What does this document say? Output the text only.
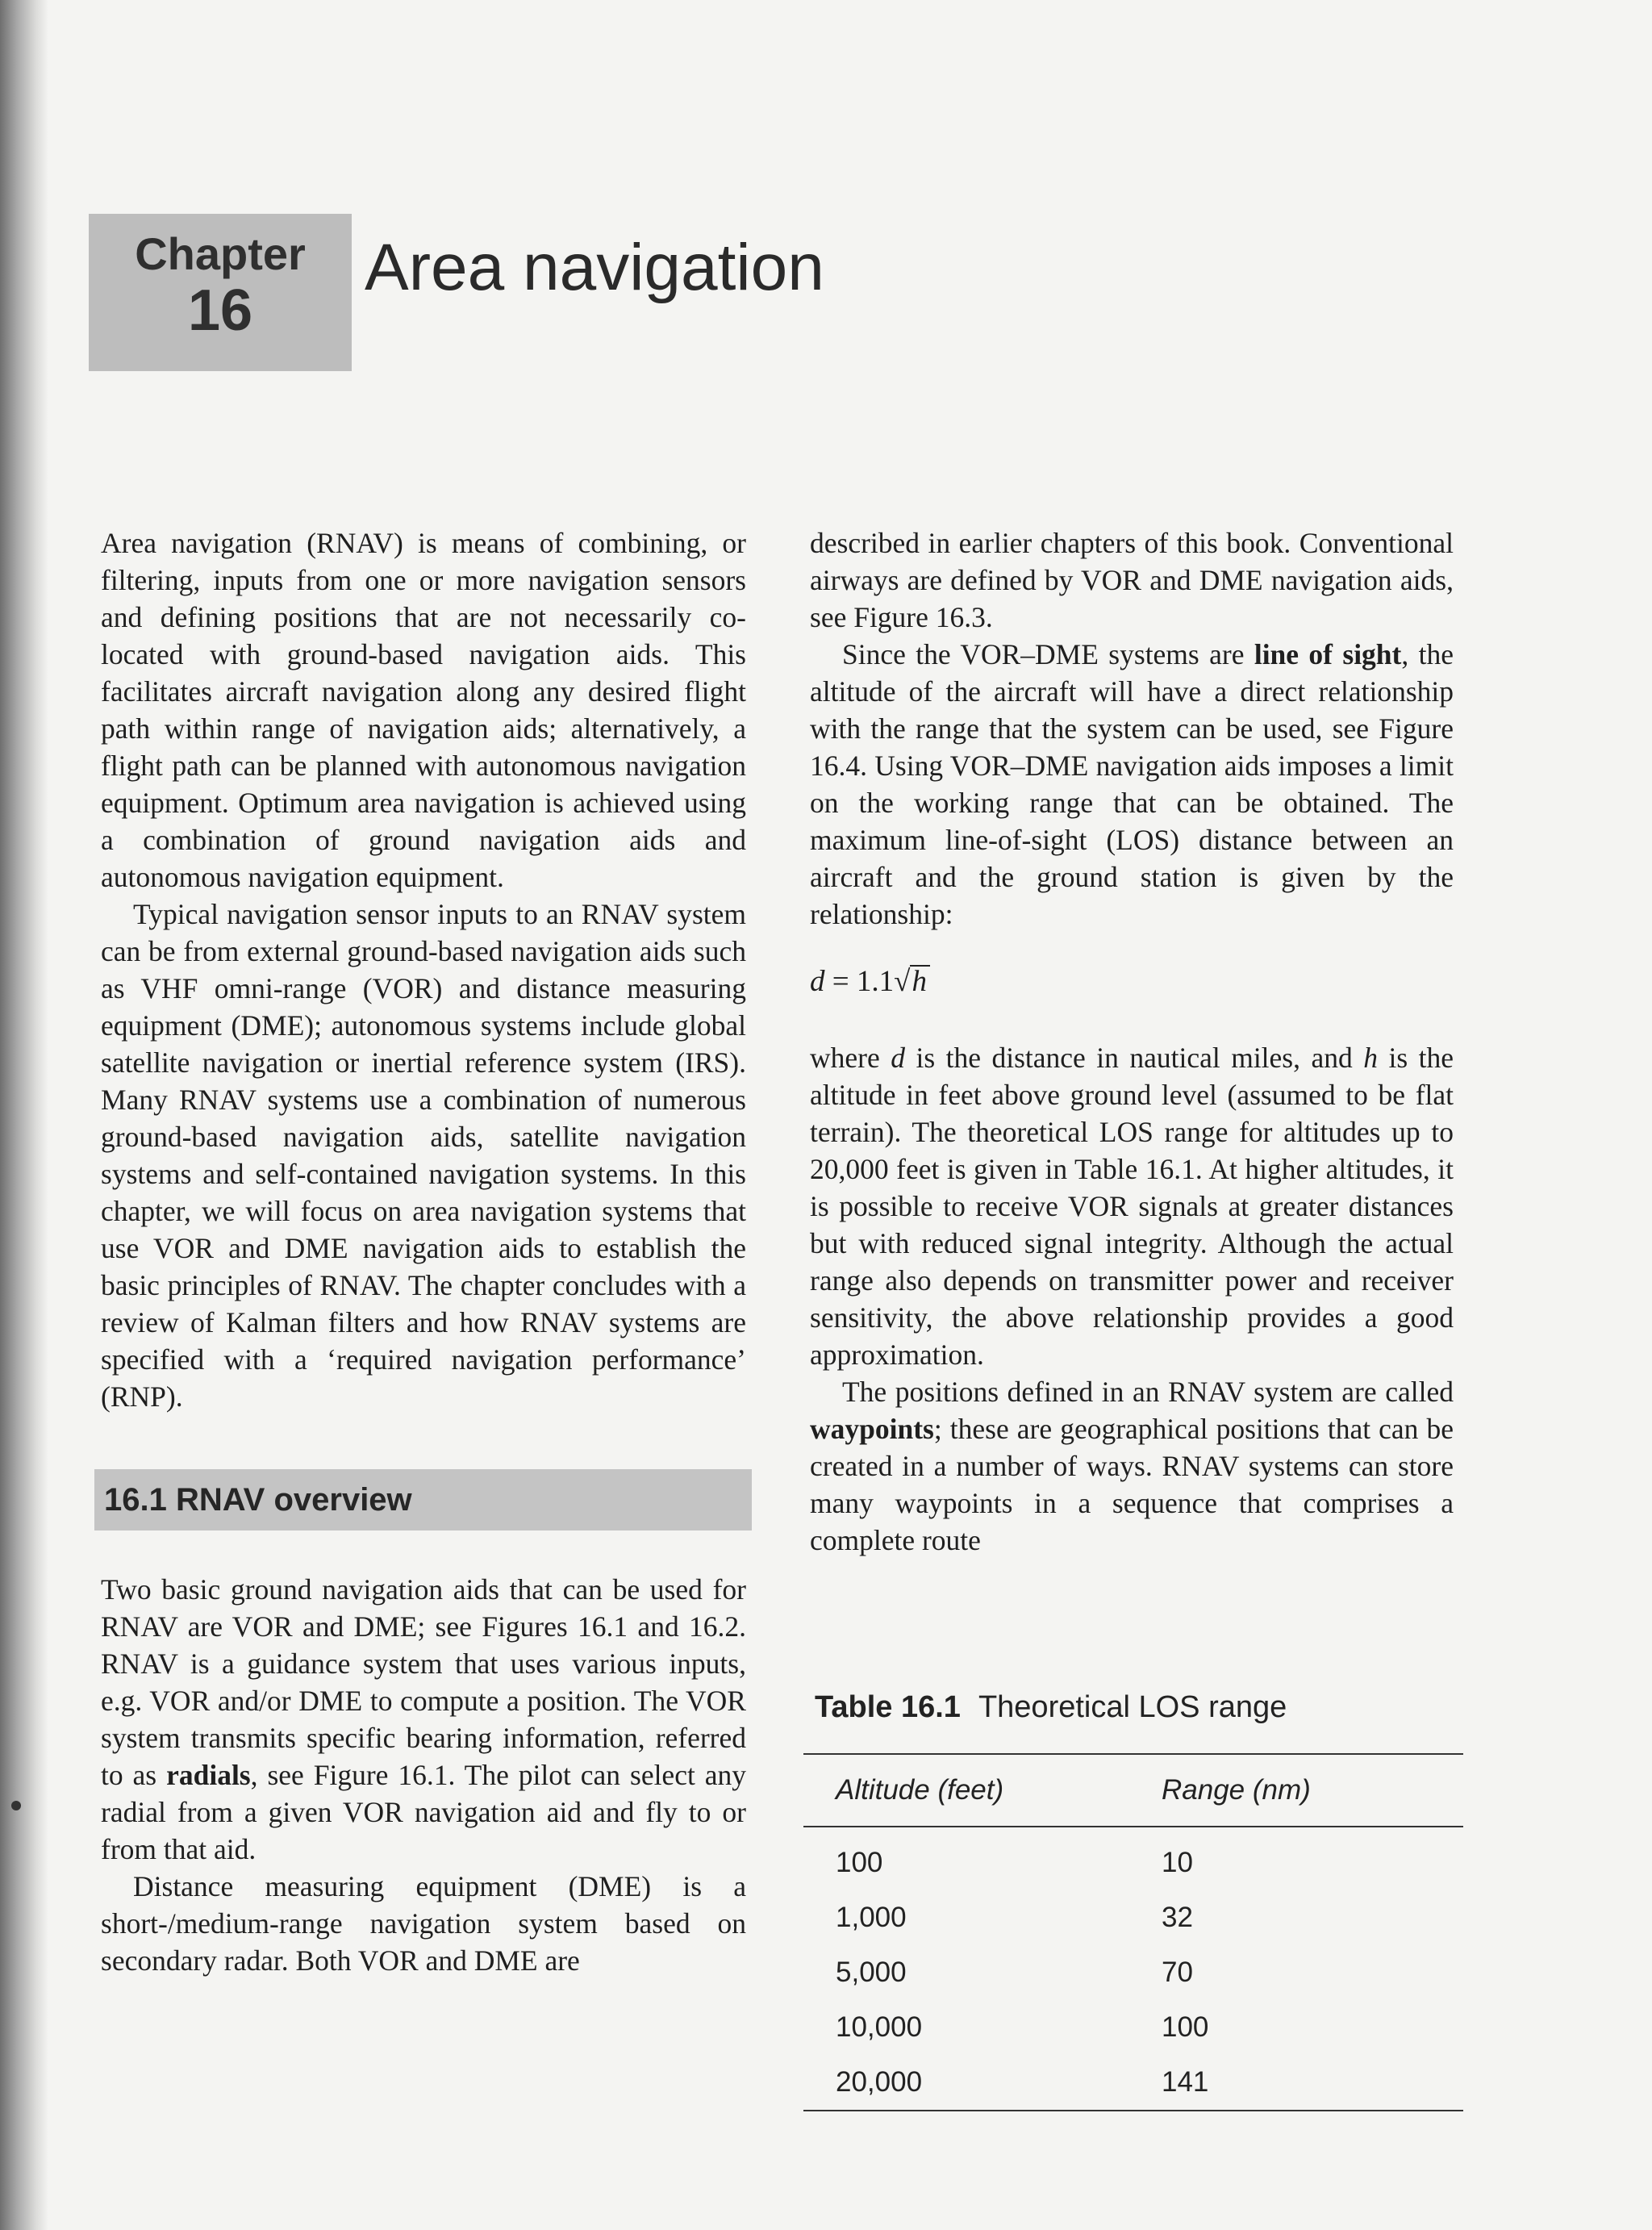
Chapter
16
Area navigation

Area navigation (RNAV) is means of combining, or filtering, inputs from one or more navigation sensors and defining positions that are not necessarily co-located with ground-based navigation aids. This facilitates aircraft navigation along any desired flight path within range of navigation aids; alternatively, a flight path can be planned with autonomous navigation equipment. Optimum area navigation is achieved using a combination of ground navigation aids and autonomous navigation equipment.

Typical navigation sensor inputs to an RNAV system can be from external ground-based navigation aids such as VHF omni-range (VOR) and distance measuring equipment (DME); autonomous systems include global satellite navigation or inertial reference system (IRS). Many RNAV systems use a combination of numerous ground-based navigation aids, satellite navigation systems and self-contained navigation systems. In this chapter, we will focus on area navigation systems that use VOR and DME navigation aids to establish the basic principles of RNAV. The chapter concludes with a review of Kalman filters and how RNAV systems are specified with a ‘required navigation performance’ (RNP).

16.1 RNAV overview

Two basic ground navigation aids that can be used for RNAV are VOR and DME; see Figures 16.1 and 16.2. RNAV is a guidance system that uses various inputs, e.g. VOR and/or DME to compute a position. The VOR system transmits specific bearing information, referred to as radials, see Figure 16.1. The pilot can select any radial from a given VOR navigation aid and fly to or from that aid.

Distance measuring equipment (DME) is a short-/medium-range navigation system based on secondary radar. Both VOR and DME are

described in earlier chapters of this book. Conventional airways are defined by VOR and DME navigation aids, see Figure 16.3.

Since the VOR–DME systems are line of sight, the altitude of the aircraft will have a direct relationship with the range that the system can be used, see Figure 16.4. Using VOR–DME navigation aids imposes a limit on the working range that can be obtained. The maximum line-of-sight (LOS) distance between an aircraft and the ground station is given by the relationship:

d = 1.1√h

where d is the distance in nautical miles, and h is the altitude in feet above ground level (assumed to be flat terrain). The theoretical LOS range for altitudes up to 20,000 feet is given in Table 16.1. At higher altitudes, it is possible to receive VOR signals at greater distances but with reduced signal integrity. Although the actual range also depends on transmitter power and receiver sensitivity, the above relationship provides a good approximation.

The positions defined in an RNAV system are called waypoints; these are geographical positions that can be created in a number of ways. RNAV systems can store many waypoints in a sequence that comprises a complete route

Table 16.1 Theoretical LOS range
Altitude (feet)	Range (nm)
100	10
1,000	32
5,000	70
10,000	100
20,000	141
